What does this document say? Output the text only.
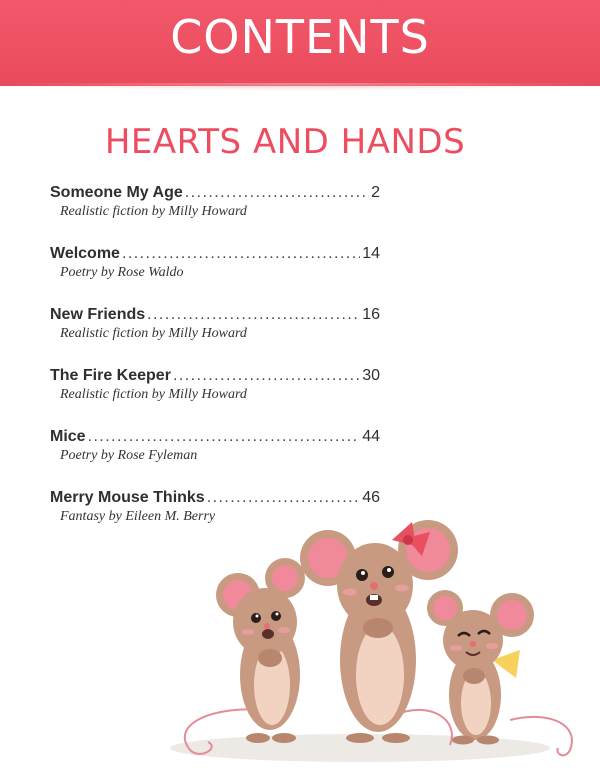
CONTENTS
HEARTS AND HANDS
Someone My Age . . .	2
Realistic fiction by Milly Howard
Welcome . . .	14
Poetry by Rose Waldo
New Friends . . .	16
Realistic fiction by Milly Howard
The Fire Keeper . . .	30
Realistic fiction by Milly Howard
Mice . . .	44
Poetry by Rose Fyleman
Merry Mouse Thinks . . .	46
Fantasy by Eileen M. Berry
